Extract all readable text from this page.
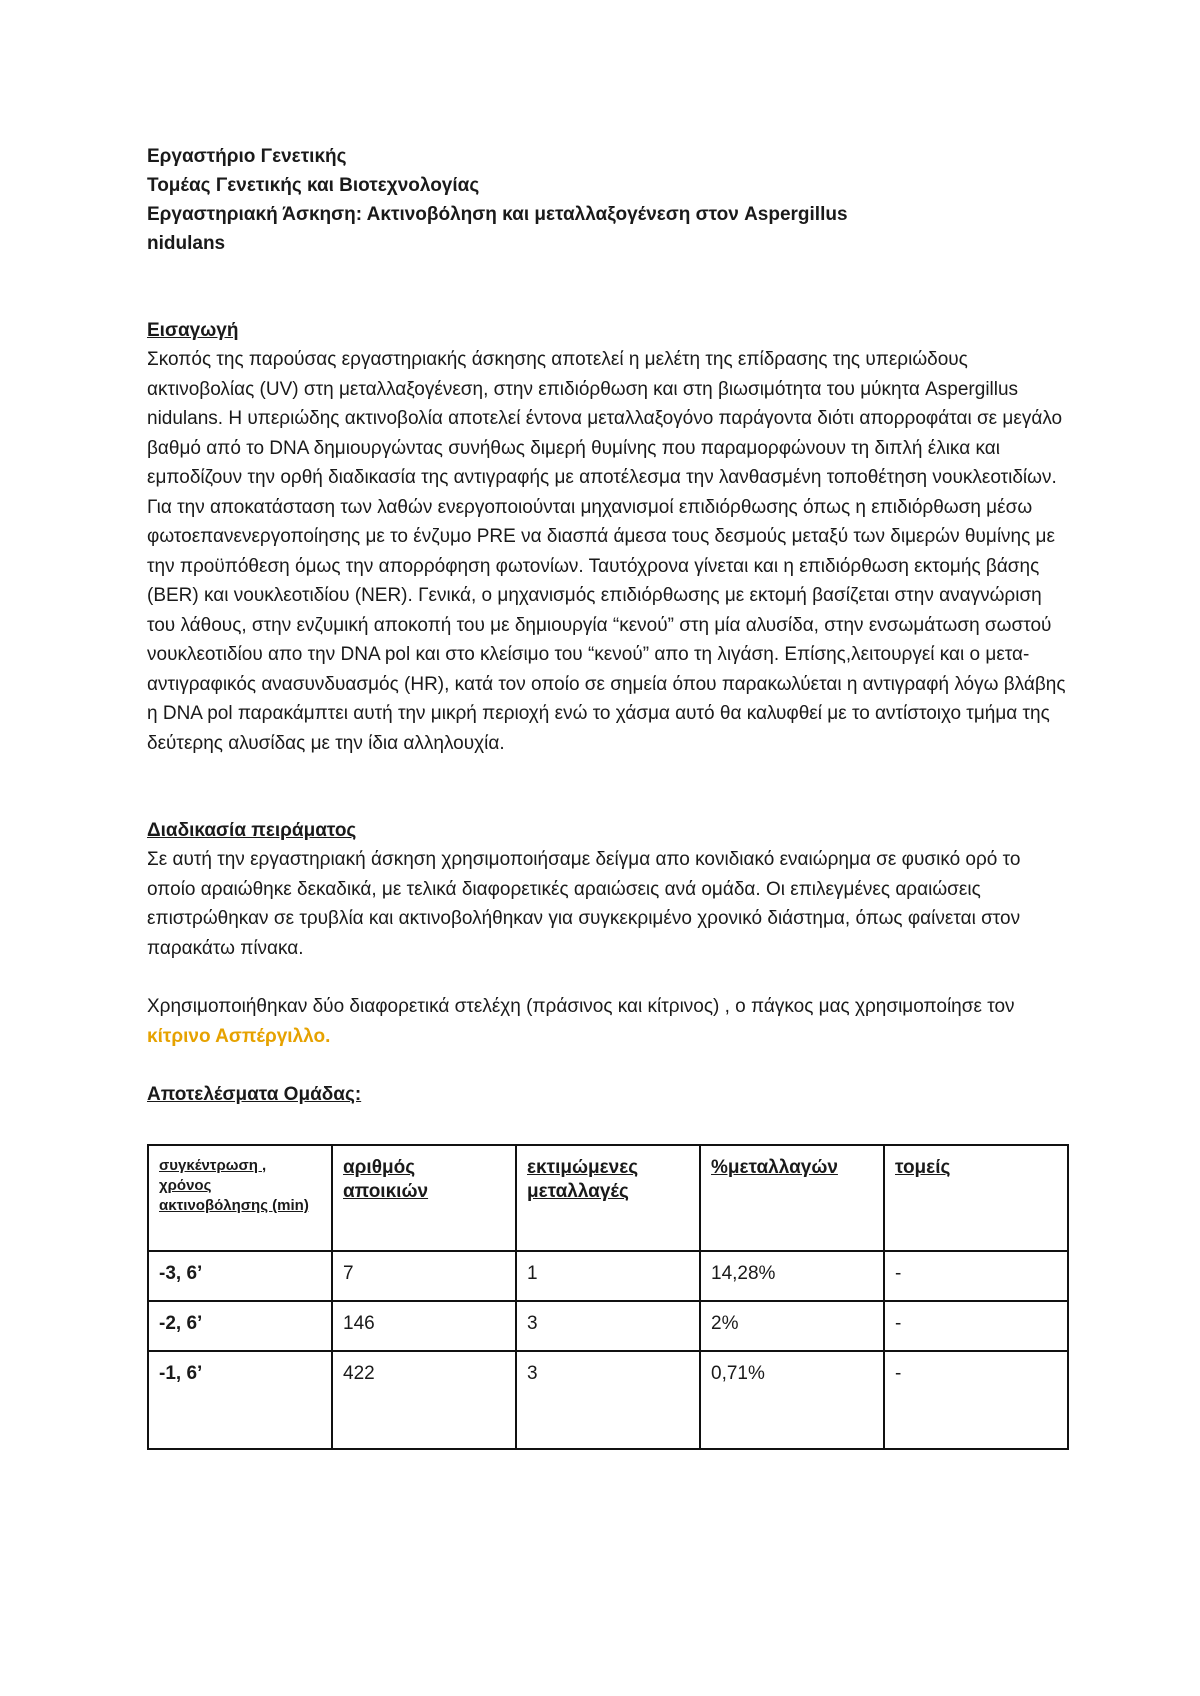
Εργαστήριο Γενετικής

Τομέας Γενετικής και Βιοτεχνολογίας

Εργαστηριακή Άσκηση: Ακτινοβόληση και μεταλλαξογένεση στον Aspergillus
nidulans

Εισαγωγή

Σκοπός της παρούσας εργαστηριακής άσκησης αποτελεί η μελέτη της επίδρασης της υπεριώδους ακτινοβολίας (UV) στη μεταλλαξογένεση, στην επιδιόρθωση και στη βιωσιμότητα του μύκητα Aspergillus nidulans. Η υπεριώδης ακτινοβολία αποτελεί έντονα μεταλλαξογόνο παράγοντα διότι απορροφάται σε μεγάλο βαθμό από το DNA δημιουργώντας συνήθως διμερή θυμίνης που παραμορφώνουν τη διπλή έλικα και εμποδίζουν την ορθή διαδικασία της αντιγραφής με αποτέλεσμα την λανθασμένη τοποθέτηση νουκλεοτιδίων. Για την αποκατάσταση των λαθών ενεργοποιούνται μηχανισμοί επιδιόρθωσης όπως η επιδιόρθωση μέσω φωτοεπανενεργοποίησης με το ένζυμο PRE να διασπά άμεσα τους δεσμούς μεταξύ των διμερών θυμίνης με την προϋπόθεση όμως την απορρόφηση φωτονίων. Ταυτόχρονα γίνεται και η επιδιόρθωση εκτομής βάσης (BER) και νουκλεοτιδίου (NER). Γενικά, ο μηχανισμός επιδιόρθωσης με εκτομή βασίζεται στην αναγνώριση του λάθους, στην ενζυμική αποκοπή του με δημιουργία “κενού” στη μία αλυσίδα, στην ενσωμάτωση σωστού νουκλεοτιδίου απο την DNA pol και στο κλείσιμο του “κενού” απο τη λιγάση. Επίσης,λειτουργεί και ο μετα-αντιγραφικός ανασυνδυασμός (HR), κατά τον οποίο σε σημεία όπου παρακωλύεται η αντιγραφή λόγω βλάβης η DNA pol παρακάμπτει αυτή την μικρή περιοχή ενώ το χάσμα αυτό θα καλυφθεί με το αντίστοιχο τμήμα της δεύτερης αλυσίδας με την ίδια αλληλουχία.

Διαδικασία πειράματος

Σε αυτή την εργαστηριακή άσκηση χρησιμοποιήσαμε δείγμα απο κονιδιακό εναιώρημα σε φυσικό ορό το οποίο αραιώθηκε δεκαδικά, με τελικά διαφορετικές αραιώσεις ανά ομάδα. Οι επιλεγμένες αραιώσεις επιστρώθηκαν σε τρυβλία και ακτινοβολήθηκαν για συγκεκριμένο χρονικό διάστημα, όπως φαίνεται στον παρακάτω πίνακα.

Χρησιμοποιήθηκαν δύο διαφορετικά στελέχη (πράσινος και κίτρινος) , ο πάγκος μας χρησιμοποίησε τον κίτρινο Ασπέργιλλο.

Αποτελέσματα Ομάδας:

συγκέντρωση , χρόνος ακτινοβόλησης (min)	αριθμός αποικιών	εκτιμώμενες μεταλλαγές	%μεταλλαγών	τομείς
-3, 6’	7	1	14,28%	-
-2, 6’	146	3	2%	-
-1, 6’	422	3	0,71%	-
